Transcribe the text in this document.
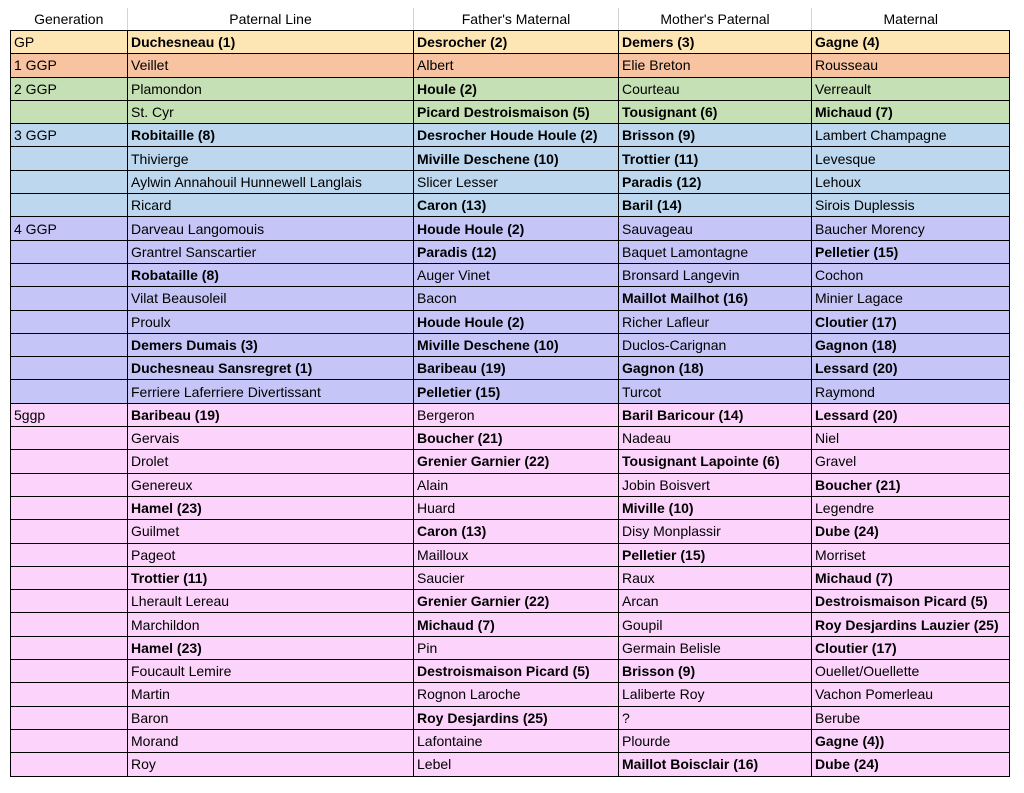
Generation	Paternal Line	Father's Maternal	Mother's Paternal	Maternal
GP	Duchesneau (1)	Desrocher (2)	Demers (3)	Gagne (4)
1 GGP	Veillet	Albert	Elie Breton	Rousseau
2 GGP	Plamondon	Houle (2)	Courteau	Verreault
	St. Cyr	Picard Destroismaison (5)	Tousignant (6)	Michaud (7)
3 GGP	Robitaille (8)	Desrocher Houde Houle (2)	Brisson (9)	Lambert Champagne
	Thivierge	Miville Deschene (10)	Trottier (11)	Levesque
	Aylwin Annahouil Hunnewell Langlais	Slicer Lesser	Paradis (12)	Lehoux
	Ricard	Caron (13)	Baril (14)	Sirois Duplessis
4 GGP	Darveau Langomouis	Houde Houle (2)	Sauvageau	Baucher Morency
	Grantrel Sanscartier	Paradis (12)	Baquet Lamontagne	Pelletier (15)
	Robataille (8)	Auger Vinet	Bronsard Langevin	Cochon
	Vilat Beausoleil	Bacon	Maillot Mailhot (16)	Minier Lagace
	Proulx	Houde Houle (2)	Richer Lafleur	Cloutier (17)
	Demers Dumais (3)	Miville Deschene (10)	Duclos-Carignan	Gagnon (18)
	Duchesneau Sansregret (1)	Baribeau (19)	Gagnon (18)	Lessard (20)
	Ferriere Laferriere Divertissant	Pelletier (15)	Turcot	Raymond
5ggp	Baribeau (19)	Bergeron	Baril Baricour (14)	Lessard (20)
	Gervais	Boucher (21)	Nadeau	Niel
	Drolet	Grenier Garnier (22)	Tousignant Lapointe (6)	Gravel
	Genereux	Alain	Jobin Boisvert	Boucher (21)
	Hamel (23)	Huard	Miville (10)	Legendre
	Guilmet	Caron (13)	Disy Monplassir	Dube (24)
	Pageot	Mailloux	Pelletier (15)	Morriset
	Trottier (11)	Saucier	Raux	Michaud (7)
	Lherault Lereau	Grenier Garnier (22)	Arcan	Destroismaison Picard (5)
	Marchildon	Michaud (7)	Goupil	Roy Desjardins Lauzier (25)
	Hamel (23)	Pin	Germain Belisle	Cloutier (17)
	Foucault Lemire	Destroismaison Picard (5)	Brisson (9)	Ouellet/Ouellette
	Martin	Rognon Laroche	Laliberte Roy	Vachon Pomerleau
	Baron	Roy Desjardins (25)	?	Berube
	Morand	Lafontaine	Plourde	Gagne (4))
	Roy	Lebel	Maillot Boisclair (16)	Dube (24)
